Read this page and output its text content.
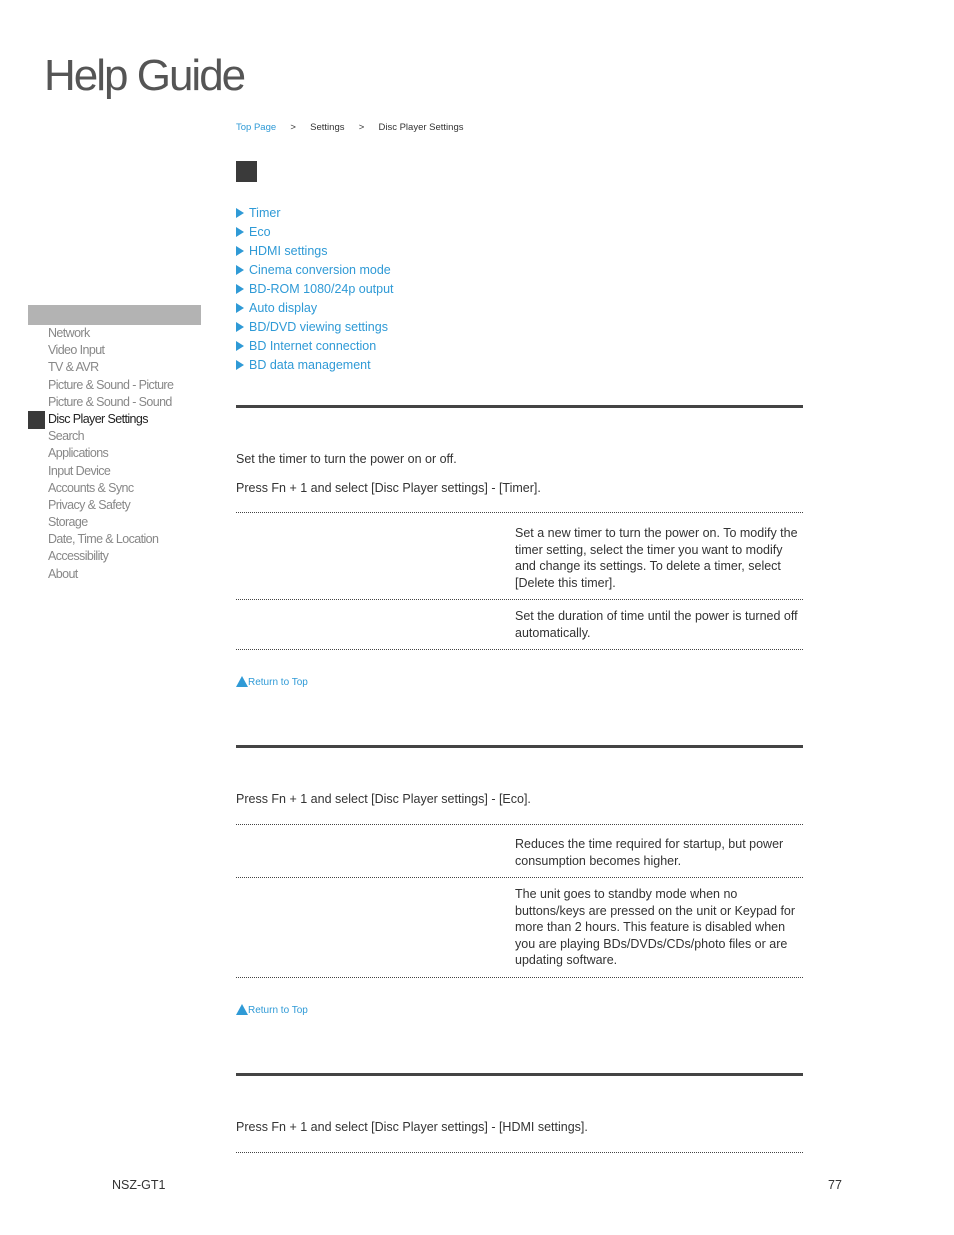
Help Guide
Top Page > Settings > Disc Player Settings
Timer
Eco
HDMI settings
Cinema conversion mode
BD-ROM 1080/24p output
Auto display
BD/DVD viewing settings
BD Internet connection
BD data management
Network
Video Input
TV & AVR
Picture & Sound - Picture
Picture & Sound - Sound
Disc Player Settings
Search
Applications
Input Device
Accounts & Sync
Privacy & Safety
Storage
Date, Time & Location
Accessibility
About
Set the timer to turn the power on or off.
Press Fn + 1 and select [Disc Player settings] - [Timer].
Set a new timer to turn the power on. To modify the timer setting, select the timer you want to modify and change its settings. To delete a timer, select [Delete this timer].
Set the duration of time until the power is turned off automatically.
Return to Top
Press Fn + 1 and select [Disc Player settings] - [Eco].
Reduces the time required for startup, but power consumption becomes higher.
The unit goes to standby mode when no buttons/keys are pressed on the unit or Keypad for more than 2 hours. This feature is disabled when you are playing BDs/DVDs/CDs/photo files or are updating software.
Return to Top
Press Fn + 1 and select [Disc Player settings] - [HDMI settings].
NSZ-GT1	77
